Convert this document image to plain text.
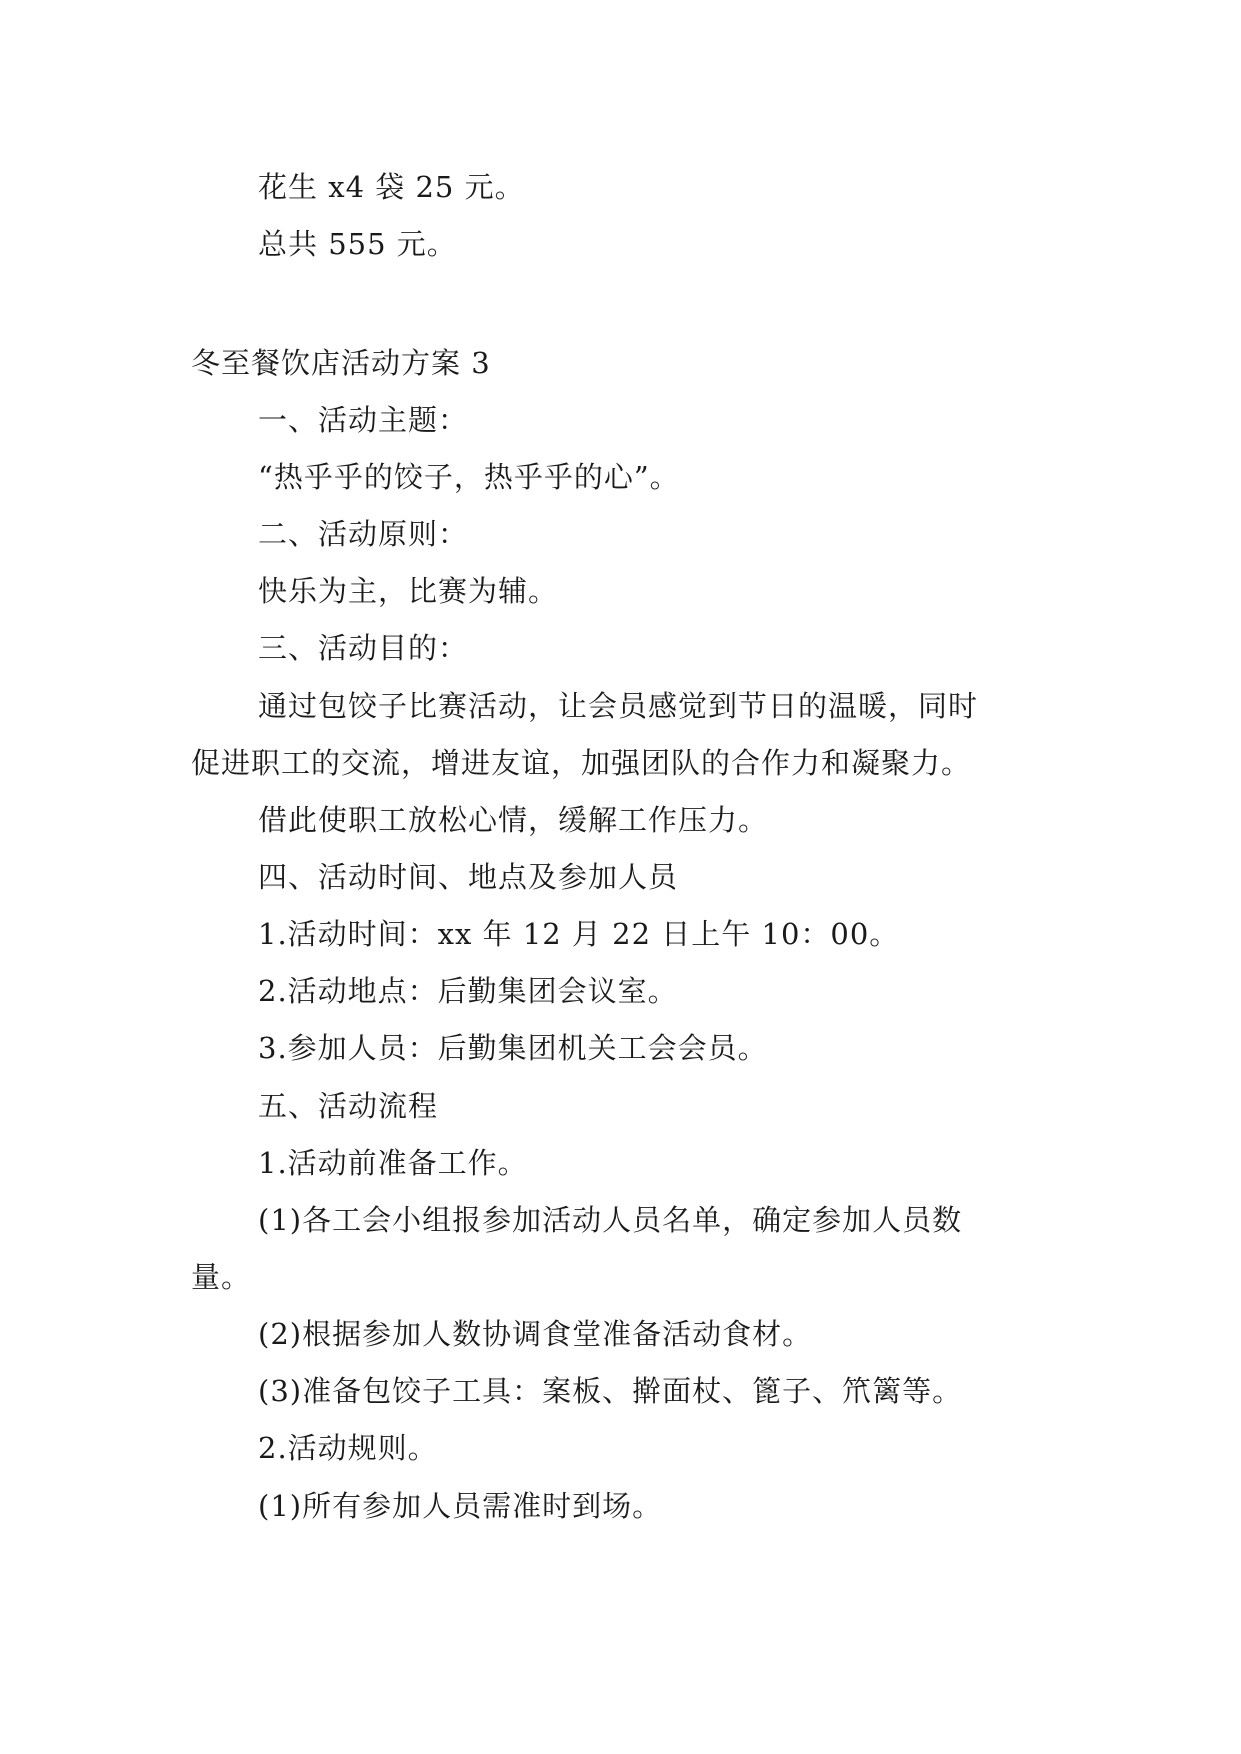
花生 x4 袋 25 元。
总共 555 元。
冬至餐饮店活动方案 3
一、活动主题：
“热乎乎的饺子，热乎乎的心”。
二、活动原则：
快乐为主，比赛为辅。
三、活动目的：
通过包饺子比赛活动，让会员感觉到节日的温暖，同时
促进职工的交流，增进友谊，加强团队的合作力和凝聚力。
借此使职工放松心情，缓解工作压力。
四、活动时间、地点及参加人员
1.活动时间：xx 年 12 月 22 日上午 10：00。
2.活动地点：后勤集团会议室。
3.参加人员：后勤集团机关工会会员。
五、活动流程
1.活动前准备工作。
(1)各工会小组报参加活动人员名单，确定参加人员数
量。
(2)根据参加人数协调食堂准备活动食材。
(3)准备包饺子工具：案板、擀面杖、篦子、笊篱等。
2.活动规则。
(1)所有参加人员需准时到场。
